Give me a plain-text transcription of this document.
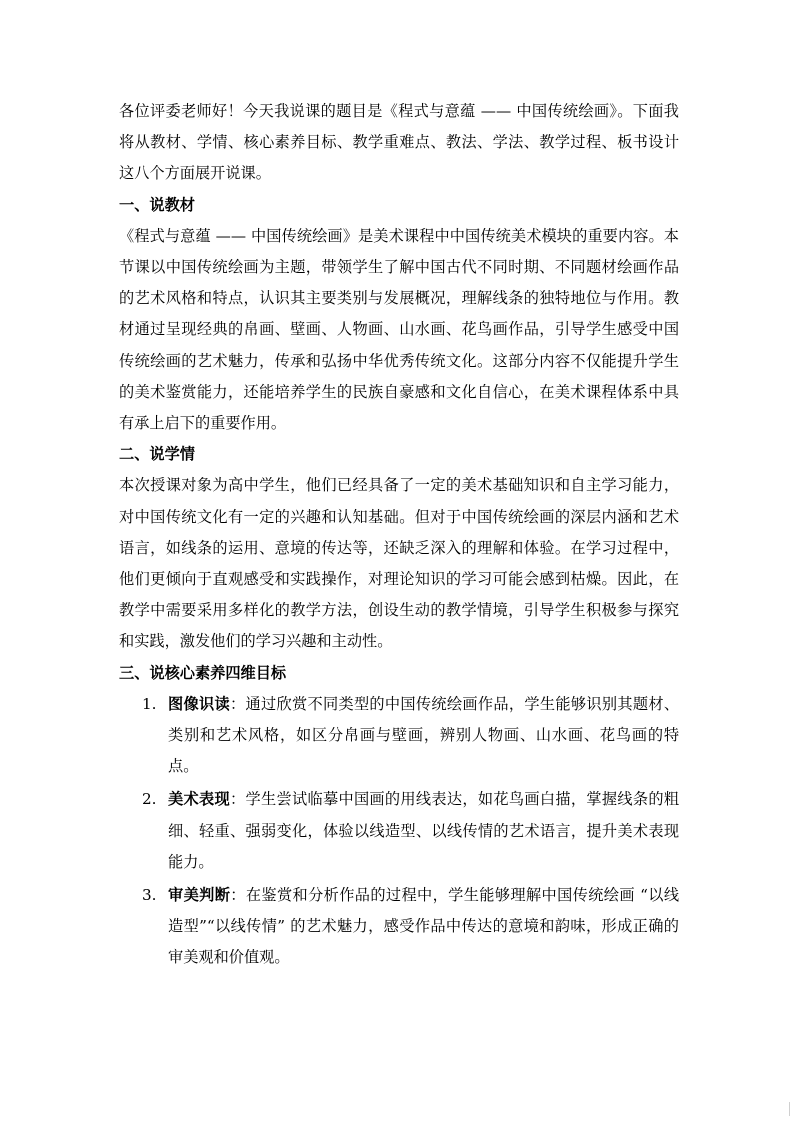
各位评委老师好！今天我说课的题目是《程式与意蕴 —— 中国传统绘画》。下面我将从教材、学情、核心素养目标、教学重难点、教法、学法、教学过程、板书设计这八个方面展开说课。

一、说教材

《程式与意蕴 —— 中国传统绘画》是美术课程中中国传统美术模块的重要内容。本节课以中国传统绘画为主题，带领学生了解中国古代不同时期、不同题材绘画作品的艺术风格和特点，认识其主要类别与发展概况，理解线条的独特地位与作用。教材通过呈现经典的帛画、壁画、人物画、山水画、花鸟画作品，引导学生感受中国传统绘画的艺术魅力，传承和弘扬中华优秀传统文化。这部分内容不仅能提升学生的美术鉴赏能力，还能培养学生的民族自豪感和文化自信心，在美术课程体系中具有承上启下的重要作用。

二、说学情

本次授课对象为高中学生，他们已经具备了一定的美术基础知识和自主学习能力，对中国传统文化有一定的兴趣和认知基础。但对于中国传统绘画的深层内涵和艺术语言，如线条的运用、意境的传达等，还缺乏深入的理解和体验。在学习过程中，他们更倾向于直观感受和实践操作，对理论知识的学习可能会感到枯燥。因此，在教学中需要采用多样化的教学方法，创设生动的教学情境，引导学生积极参与探究和实践，激发他们的学习兴趣和主动性。

三、说核心素养四维目标
1. 图像识读：通过欣赏不同类型的中国传统绘画作品，学生能够识别其题材、类别和艺术风格，如区分帛画与壁画，辨别人物画、山水画、花鸟画的特点。
2. 美术表现：学生尝试临摹中国画的用线表达，如花鸟画白描，掌握线条的粗细、轻重、强弱变化，体验以线造型、以线传情的艺术语言，提升美术表现能力。
3. 审美判断：在鉴赏和分析作品的过程中，学生能够理解中国传统绘画 “以线造型”“以线传情” 的艺术魅力，感受作品中传达的意境和韵味，形成正确的审美观和价值观。
